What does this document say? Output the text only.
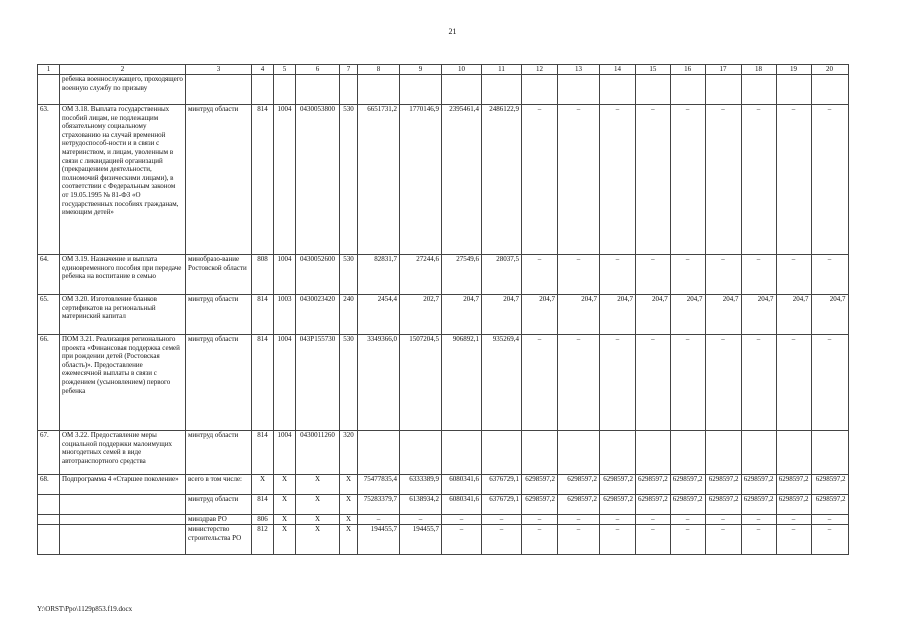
21
1	2	3	4	5	6	7	8	9	10	11	12	13	14	15	16	17	18	19	20
	ребенка военнослужащего, проходящего военную службу по призыву																		
63.	ОМ 3.18. Выплата государственных пособий лицам, не подлежащим обязательному социальному страхованию на случай временной нетрудоспособ-ности и в связи с материнством, и лицам, уволенным в связи с ликвидацией организаций (прекращением деятельности, полномочий физическими лицами), в соответствии с Федеральным законом от 19.05.1995 № 81-ФЗ «О государственных пособиях гражданам, имеющим детей»	минтруд области	814	1004	0430053800	530	6651731,2	1770146,9	2395461,4	2486122,9	–	–	–	–	–	–	–	–	–
64.	ОМ 3.19. Назначение и выплата единовременного пособия при передаче ребенка на воспитание в семью	минобразо-вание Ростовской области	808	1004	0430052600	530	82831,7	27244,6	27549,6	28037,5	–	–	–	–	–	–	–	–	–
65.	ОМ 3.20. Изготовление бланков сертификатов на региональный материнский капитал	минтруд области	814	1003	0430023420	240	2454,4	202,7	204,7	204,7	204,7	204,7	204,7	204,7	204,7	204,7	204,7	204,7	204,7
66.	ПОМ 3.21. Реализация регионального проекта «Финансовая поддержка семей при рождении детей (Ростовская область)». Предоставление ежемесячной выплаты в связи с рождением (усыновлением) первого ребенка	минтруд области	814	1004	043P155730	530	3349366,0	1507204,5	906892,1	935269,4	–	–	–	–	–	–	–	–	–
67.	ОМ 3.22. Предоставление меры социальной поддержки малоимущих многодетных семей в виде автотранспортного средства	минтруд области	814	1004	0430011260	320													
68.	Подпрограмма 4 «Старшее поколение»	всего в том числе:	Х	Х	Х	Х	75477835,4	6333389,9	6080341,6	6376729,1	6298597,2	6298597,2	6298597,2	6298597,2	6298597,2	6298597,2	6298597,2	6298597,2	6298597,2
		минтруд области	814	Х	Х	Х	75283379,7	6138934,2	6080341,6	6376729,1	6298597,2	6298597,2	6298597,2	6298597,2	6298597,2	6298597,2	6298597,2	6298597,2	6298597,2
		минздрав РО	806	Х	Х	Х	–	–	–	–	–	–	–	–	–	–	–	–	–
		министерство строительства РО	812	Х	Х	Х	194455,7	194455,7	–	–	–	–	–	–	–	–	–	–	–
Y:\ORST\Ppo\1129p853.f19.docx
